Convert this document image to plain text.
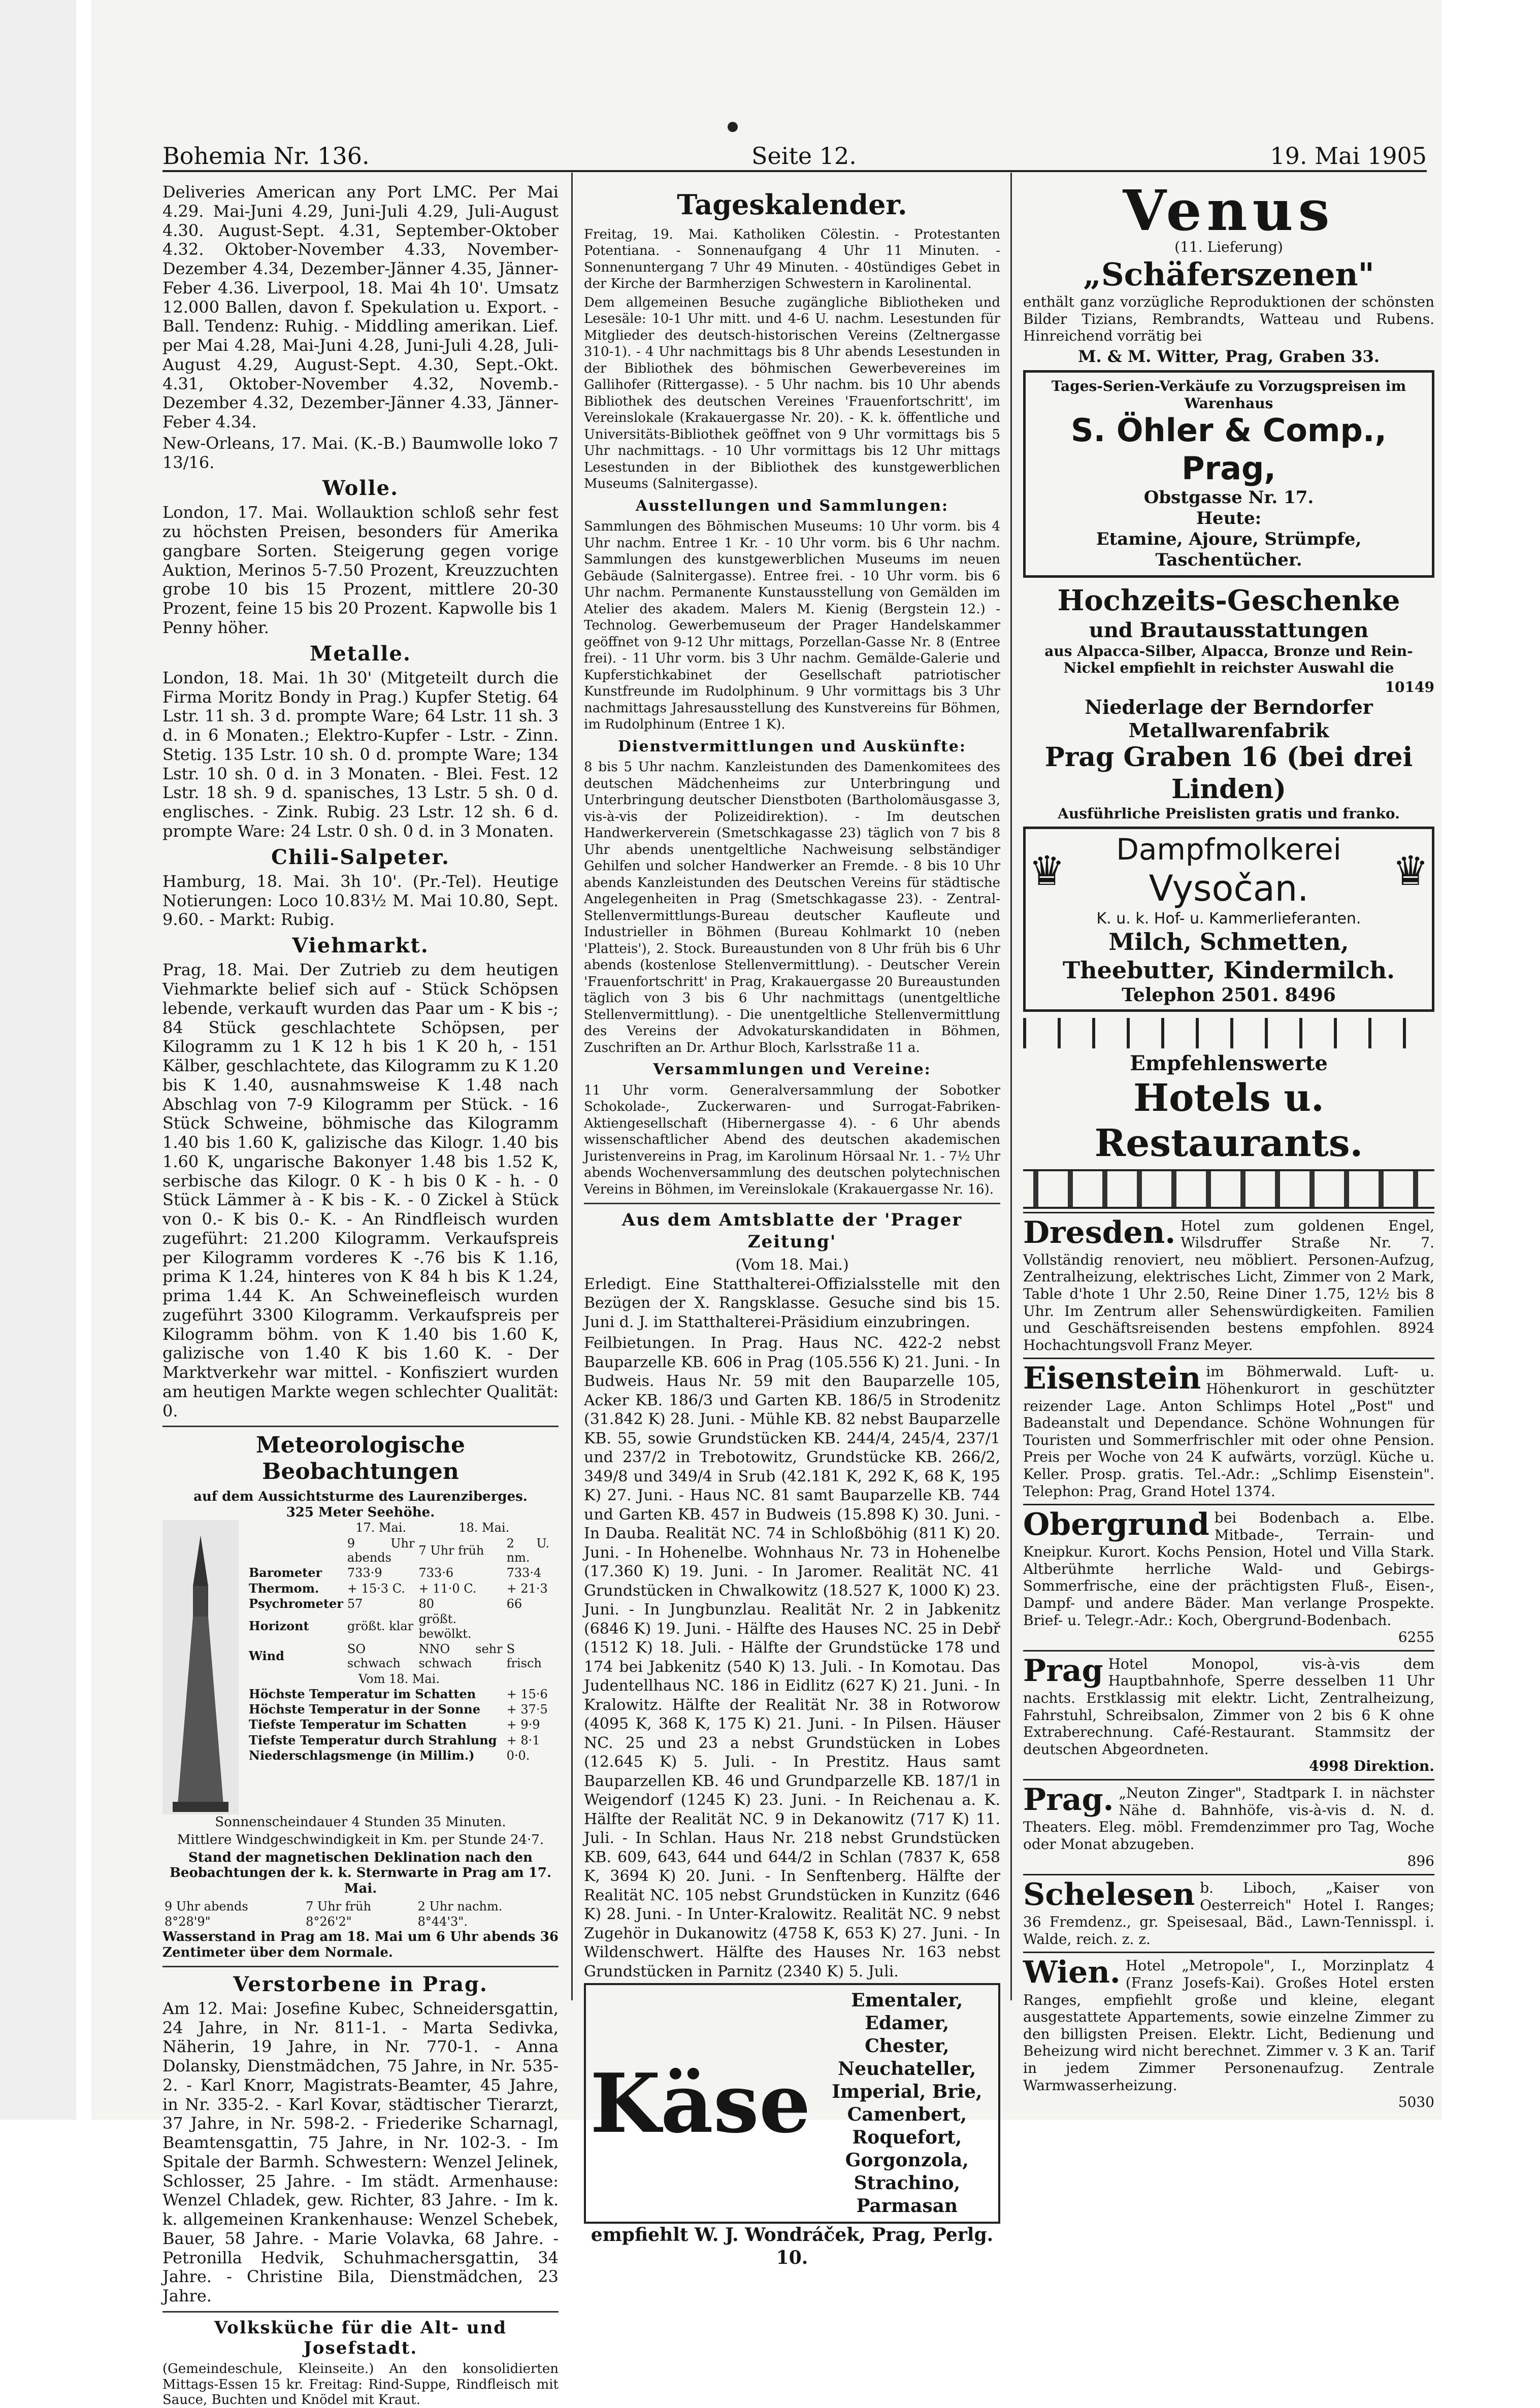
Bohemia Nr. 136.	Seite 12.	19. Mai 1905

Deliveries American any Port LMC. Per Mai 4.29. Mai-Juni 4.29, Juni-Juli 4.29, Juli-August 4.30. August-Sept. 4.31, September-Oktober 4.32. Oktober-November 4.33, November-Dezember 4.34, Dezember-Jänner 4.35, Jänner-Feber 4.36. Liverpool, 18. Mai 4h 10'. Umsatz 12.000 Ballen, davon f. Spekulation u. Export. - Ball. Tendenz: Ruhig. - Middling amerikan. Lief. per Mai 4.28, Mai-Juni 4.28, Juni-Juli 4.28, Juli-August 4.29, August-Sept. 4.30, Sept.-Okt. 4.31, Oktober-November 4.32, Novemb.-Dezember 4.32, Dezember-Jänner 4.33, Jänner-Feber 4.34.

New-Orleans, 17. Mai. (K.-B.) Baumwolle loko 7 13/16.

Wolle.

London, 17. Mai. Wollauktion schloß sehr fest zu höchsten Preisen, besonders für Amerika gangbare Sorten. Steigerung gegen vorige Auktion, Merinos 5-7.50 Prozent, Kreuzzuchten grobe 10 bis 15 Prozent, mittlere 20-30 Prozent, feine 15 bis 20 Prozent. Kapwolle bis 1 Penny höher.

Metalle.

London, 18. Mai. 1h 30' (Mitgeteilt durch die Firma Moritz Bondy in Prag.) Kupfer Stetig. 64 Lstr. 11 sh. 3 d. prompte Ware; 64 Lstr. 11 sh. 3 d. in 6 Monaten.; Elektro-Kupfer - Lstr. - Zinn. Stetig. 135 Lstr. 10 sh. 0 d. prompte Ware; 134 Lstr. 10 sh. 0 d. in 3 Monaten. - Blei. Fest. 12 Lstr. 18 sh. 9 d. spanisches, 13 Lstr. 5 sh. 0 d. englisches. - Zink. Rubig. 23 Lstr. 12 sh. 6 d. prompte Ware: 24 Lstr. 0 sh. 0 d. in 3 Monaten.

Chili-Salpeter.

Hamburg, 18. Mai. 3h 10'. (Pr.-Tel). Heutige Notierungen: Loco 10.83½ M. Mai 10.80, Sept. 9.60. - Markt: Rubig.

Viehmarkt.

Prag, 18. Mai. Der Zutrieb zu dem heutigen Viehmarkte belief sich auf - Stück Schöpsen lebende, verkauft wurden das Paar um - K bis -; 84 Stück geschlachtete Schöpsen, per Kilogramm zu 1 K 12 h bis 1 K 20 h, - 151 Kälber, geschlachtete, das Kilogramm zu K 1.20 bis K 1.40, ausnahmsweise K 1.48 nach Abschlag von 7-9 Kilogramm per Stück. - 16 Stück Schweine, böhmische das Kilogramm 1.40 bis 1.60 K, galizische das Kilogr. 1.40 bis 1.60 K, ungarische Bakonyer 1.48 bis 1.52 K, serbische das Kilogr. 0 K - h bis 0 K - h. - 0 Stück Lämmer à - K bis - K. - 0 Zickel à Stück von 0.- K bis 0.- K. - An Rindfleisch wurden zugeführt: 21.200 Kilogramm. Verkaufspreis per Kilogramm vorderes K -.76 bis K 1.16, prima K 1.24, hinteres von K 84 h bis K 1.24, prima 1.44 K. An Schweinefleisch wurden zugeführt 3300 Kilogramm. Verkaufspreis per Kilogramm böhm. von K 1.40 bis 1.60 K, galizische von 1.40 K bis 1.60 K. - Der Marktverkehr war mittel. - Konfisziert wurden am heutigen Markte wegen schlechter Qualität: 0.

Meteorologische Beobachtungen
auf dem Aussichtsturme des Laurenziberges.
325 Meter Seehöhe.
	17. Mai.	18. Mai.	
	9 Uhr abends	7 Uhr früh	2 U. nm.
Barometer	733·9	733·6	733·4
Thermom.	+ 15·3 C.	+ 11·0 C.	+ 21·3
Psychrometer	57	80	66
Horizont	größt. klar	größt. bewölkt.	
Wind	SO schwach	NNO sehr schwach	S frisch
Vom 18. Mai.			
Höchste Temperatur im Schatten			+ 15·6
Höchste Temperatur in der Sonne			+ 37·5
Tiefste Temperatur im Schatten			+ 9·9
Tiefste Temperatur durch Strahlung			+ 8·1
Niederschlagsmenge (in Millim.)			0·0.

Sonnenscheindauer 4 Stunden 35 Minuten.

Mittlere Windgeschwindigkeit in Km. per Stunde 24·7.

Stand der magnetischen Deklination nach den Beobachtungen der k. k. Sternwarte in Prag am 17. Mai.

9 Uhr abends	7 Uhr früh	2 Uhr nachm.
8°28'9"	8°26'2"	8°44'3".

Wasserstand in Prag am 18. Mai um 6 Uhr abends 36 Zentimeter über dem Normale.

Verstorbene in Prag.

Am 12. Mai: Josefine Kubec, Schneidersgattin, 24 Jahre, in Nr. 811-1. - Marta Sedivka, Näherin, 19 Jahre, in Nr. 770-1. - Anna Dolansky, Dienstmädchen, 75 Jahre, in Nr. 535-2. - Karl Knorr, Magistrats-Beamter, 45 Jahre, in Nr. 335-2. - Karl Kovar, städtischer Tierarzt, 37 Jahre, in Nr. 598-2. - Friederike Scharnagl, Beamtensgattin, 75 Jahre, in Nr. 102-3. - Im Spitale der Barmh. Schwestern: Wenzel Jelinek, Schlosser, 25 Jahre. - Im städt. Armenhause: Wenzel Chladek, gew. Richter, 83 Jahre. - Im k. k. allgemeinen Krankenhause: Wenzel Schebek, Bauer, 58 Jahre. - Marie Volavka, 68 Jahre. - Petronilla Hedvik, Schuhmachersgattin, 34 Jahre. - Christine Bila, Dienstmädchen, 23 Jahre.

Volksküche für die Alt- und Josefstadt.

(Gemeindeschule, Kleinseite.) An den konsolidierten Mittags-Essen 15 kr. Freitag: Rind-Suppe, Rindfleisch mit Sauce, Buchten und Knödel mit Kraut.

Tageskalender.

Freitag, 19. Mai. Katholiken Cölestin. - Protestanten Potentiana. - Sonnenaufgang 4 Uhr 11 Minuten. - Sonnenuntergang 7 Uhr 49 Minuten. - 40stündiges Gebet in der Kirche der Barmherzigen Schwestern in Karolinental.

Dem allgemeinen Besuche zugängliche Bibliotheken und Lesesäle: 10-1 Uhr mitt. und 4-6 U. nachm. Lesestunden für Mitglieder des deutsch-historischen Vereins (Zeltnergasse 310-1). - 4 Uhr nachmittags bis 8 Uhr abends Lesestunden in der Bibliothek des böhmischen Gewerbevereines im Gallihofer (Rittergasse). - 5 Uhr nachm. bis 10 Uhr abends Bibliothek des deutschen Vereines 'Frauenfortschritt', im Vereinslokale (Krakauergasse Nr. 20). - K. k. öffentliche und Universitäts-Bibliothek geöffnet von 9 Uhr vormittags bis 5 Uhr nachmittags. - 10 Uhr vormittags bis 12 Uhr mittags Lesestunden in der Bibliothek des kunstgewerblichen Museums (Salnitergasse).

Ausstellungen und Sammlungen:

Sammlungen des Böhmischen Museums: 10 Uhr vorm. bis 4 Uhr nachm. Entree 1 Kr. - 10 Uhr vorm. bis 6 Uhr nachm. Sammlungen des kunstgewerblichen Museums im neuen Gebäude (Salnitergasse). Entree frei. - 10 Uhr vorm. bis 6 Uhr nachm. Permanente Kunstausstellung von Gemälden im Atelier des akadem. Malers M. Kienig (Bergstein 12.) - Technolog. Gewerbemuseum der Prager Handelskammer geöffnet von 9-12 Uhr mittags, Porzellan-Gasse Nr. 8 (Entree frei). - 11 Uhr vorm. bis 3 Uhr nachm. Gemälde-Galerie und Kupferstichkabinet der Gesellschaft patriotischer Kunstfreunde im Rudolphinum. 9 Uhr vormittags bis 3 Uhr nachmittags Jahresausstellung des Kunstvereins für Böhmen, im Rudolphinum (Entree 1 K).

Dienstvermittlungen und Auskünfte:

8 bis 5 Uhr nachm. Kanzleistunden des Damenkomitees des deutschen Mädchenheims zur Unterbringung und Unterbringung deutscher Dienstboten (Bartholomäusgasse 3, vis-à-vis der Polizeidirektion). - Im deutschen Handwerkerverein (Smetschkagasse 23) täglich von 7 bis 8 Uhr abends unentgeltliche Nachweisung selbständiger Gehilfen und solcher Handwerker an Fremde. - 8 bis 10 Uhr abends Kanzleistunden des Deutschen Vereins für städtische Angelegenheiten in Prag (Smetschkagasse 23). - Zentral-Stellenvermittlungs-Bureau deutscher Kaufleute und Industrieller in Böhmen (Bureau Kohlmarkt 10 (neben 'Platteis'), 2. Stock. Bureaustunden von 8 Uhr früh bis 6 Uhr abends (kostenlose Stellenvermittlung). - Deutscher Verein 'Frauenfortschritt' in Prag, Krakauergasse 20 Bureaustunden täglich von 3 bis 6 Uhr nachmittags (unentgeltliche Stellenvermittlung). - Die unentgeltliche Stellenvermittlung des Vereins der Advokaturskandidaten in Böhmen, Zuschriften an Dr. Arthur Bloch, Karlsstraße 11 a.

Versammlungen und Vereine:

11 Uhr vorm. Generalversammlung der Sobotker Schokolade-, Zuckerwaren- und Surrogat-Fabriken-Aktiengesellschaft (Hibernergasse 4). - 6 Uhr abends wissenschaftlicher Abend des deutschen akademischen Juristenvereins in Prag, im Karolinum Hörsaal Nr. 1. - 7½ Uhr abends Wochenversammlung des deutschen polytechnischen Vereins in Böhmen, im Vereinslokale (Krakauergasse Nr. 16).

Aus dem Amtsblatte der 'Prager Zeitung'
(Vom 18. Mai.)

Erledigt. Eine Statthalterei-Offizialsstelle mit den Bezügen der X. Rangsklasse. Gesuche sind bis 15. Juni d. J. im Statthalterei-Präsidium einzubringen.

Feilbietungen. In Prag. Haus NC. 422-2 nebst Bauparzelle KB. 606 in Prag (105.556 K) 21. Juni. - In Budweis. Haus Nr. 59 mit den Bauparzelle 105, Acker KB. 186/3 und Garten KB. 186/5 in Strodenitz (31.842 K) 28. Juni. - Mühle KB. 82 nebst Bauparzelle KB. 55, sowie Grundstücken KB. 244/4, 245/4, 237/1 und 237/2 in Trebotowitz, Grundstücke KB. 266/2, 349/8 und 349/4 in Srub (42.181 K, 292 K, 68 K, 195 K) 27. Juni. - Haus NC. 81 samt Bauparzelle KB. 744 und Garten KB. 457 in Budweis (15.898 K) 30. Juni. - In Dauba. Realität NC. 74 in Schloßböhig (811 K) 20. Juni. - In Hohenelbe. Wohnhaus Nr. 73 in Hohenelbe (17.360 K) 19. Juni. - In Jaromer. Realität NC. 41 Grundstücken in Chwalkowitz (18.527 K, 1000 K) 23. Juni. - In Jungbunzlau. Realität Nr. 2 in Jabkenitz (6846 K) 19. Juni. - Hälfte des Hauses NC. 25 in Debř (1512 K) 18. Juli. - Hälfte der Grundstücke 178 und 174 bei Jabkenitz (540 K) 13. Juli. - In Komotau. Das Judentellhaus NC. 186 in Eidlitz (627 K) 21. Juni. - In Kralowitz. Hälfte der Realität Nr. 38 in Rotworow (4095 K, 368 K, 175 K) 21. Juni. - In Pilsen. Häuser NC. 25 und 23 a nebst Grundstücken in Lobes (12.645 K) 5. Juli. - In Prestitz. Haus samt Bauparzellen KB. 46 und Grundparzelle KB. 187/1 in Weigendorf (1245 K) 23. Juni. - In Reichenau a. K. Hälfte der Realität NC. 9 in Dekanowitz (717 K) 11. Juli. - In Schlan. Haus Nr. 218 nebst Grundstücken KB. 609, 643, 644 und 644/2 in Schlan (7837 K, 658 K, 3694 K) 20. Juni. - In Senftenberg. Hälfte der Realität NC. 105 nebst Grundstücken in Kunzitz (646 K) 28. Juni. - In Unter-Kralowitz. Realität NC. 9 nebst Zugehör in Dukanowitz (4758 K, 653 K) 27. Juni. - In Wildenschwert. Hälfte des Hauses Nr. 163 nebst Grundstücken in Parnitz (2340 K) 5. Juli.

Käse
Ementaler, Edamer, Chester, Neuchateller, Imperial, Brie, Camenbert, Roquefort, Gorgonzola, Strachino, Parmasan
empfiehlt W. J. Wondráček, Prag, Perlg. 10.
Venus
(11. Lieferung)
„Schäferszenen"

enthält ganz vorzügliche Reproduktionen der schönsten Bilder Tizians, Rembrandts, Watteau und Rubens. Hinreichend vorrätig bei

M. & M. Witter, Prag, Graben 33.
Tages-Serien-Verkäufe zu Vorzugspreisen im Warenhaus
S. Öhler & Comp., Prag,
Obstgasse Nr. 17.
Heute:
Etamine, Ajoure, Strümpfe, Taschentücher.
Hochzeits-Geschenke
und Brautausstattungen

aus Alpacca-Silber, Alpacca, Bronze und Rein-Nickel empfiehlt in reichster Auswahl die

10149
Niederlage der Berndorfer Metallwarenfabrik
Prag Graben 16 (bei drei Linden)
Ausführliche Preislisten gratis und franko.
♛ Dampfmolkerei
Vysočan.	♛
K. u. k. Hof- u. Kammerlieferanten.
Milch, Schmetten, Theebutter, Kindermilch.
Telephon 2501. 8496
Empfehlenswerte
Hotels u. Restaurants.
Dresden. Hotel zum goldenen Engel, Wilsdruffer Straße Nr. 7. Vollständig renoviert, neu möbliert. Personen-Aufzug, Zentralheizung, elektrisches Licht, Zimmer von 2 Mark, Table d'hote 1 Uhr 2.50, Reine Diner 1.75, 12½ bis 8 Uhr. Im Zentrum aller Sehenswürdigkeiten. Familien und Geschäftsreisenden bestens empfohlen. 8924 Hochachtungsvoll Franz Meyer.
Eisenstein im Böhmerwald. Luft- u. Höhenkurort in geschützter reizender Lage. Anton Schlimps Hotel „Post" und Badeanstalt und Dependance. Schöne Wohnungen für Touristen und Sommerfrischler mit oder ohne Pension. Preis per Woche von 24 K aufwärts, vorzügl. Küche u. Keller. Prosp. gratis. Tel.-Adr.: „Schlimp Eisenstein". Telephon: Prag, Grand Hotel 1374.
Obergrund bei Bodenbach a. Elbe. Mitbade-, Terrain- und Kneipkur. Kurort. Kochs Pension, Hotel und Villa Stark. Altberühmte herrliche Wald- und Gebirgs-Sommerfrische, eine der prächtigsten Fluß-, Eisen-, Dampf- und andere Bäder. Man verlange Prospekte. Brief- u. Telegr.-Adr.: Koch, Obergrund-Bodenbach.
6255
Prag Hotel Monopol, vis-à-vis dem Hauptbahnhofe, Sperre desselben 11 Uhr nachts. Erstklassig mit elektr. Licht, Zentralheizung, Fahrstuhl, Schreibsalon, Zimmer von 2 bis 6 K ohne Extraberechnung. Café-Restaurant. Stammsitz der deutschen Abgeordneten.
4998 Direktion.
Prag. „Neuton Zinger", Stadtpark I. in nächster Nähe d. Bahnhöfe, vis-à-vis d. N. d. Theaters. Eleg. möbl. Fremdenzimmer pro Tag, Woche oder Monat abzugeben.
896
Schelesen b. Liboch, „Kaiser von Oesterreich" Hotel I. Ranges; 36 Fremdenz., gr. Speisesaal, Bäd., Lawn-Tennisspl. i. Walde, reich. z. z.
Wien. Hotel „Metropole", I., Morzinplatz 4 (Franz Josefs-Kai). Großes Hotel ersten Ranges, empfiehlt große und kleine, elegant ausgestattete Appartements, sowie einzelne Zimmer zu den billigsten Preisen. Elektr. Licht, Bedienung und Beheizung wird nicht berechnet. Zimmer v. 3 K an. Tarif in jedem Zimmer Personenaufzug. Zentrale Warmwasserheizung.
5030
